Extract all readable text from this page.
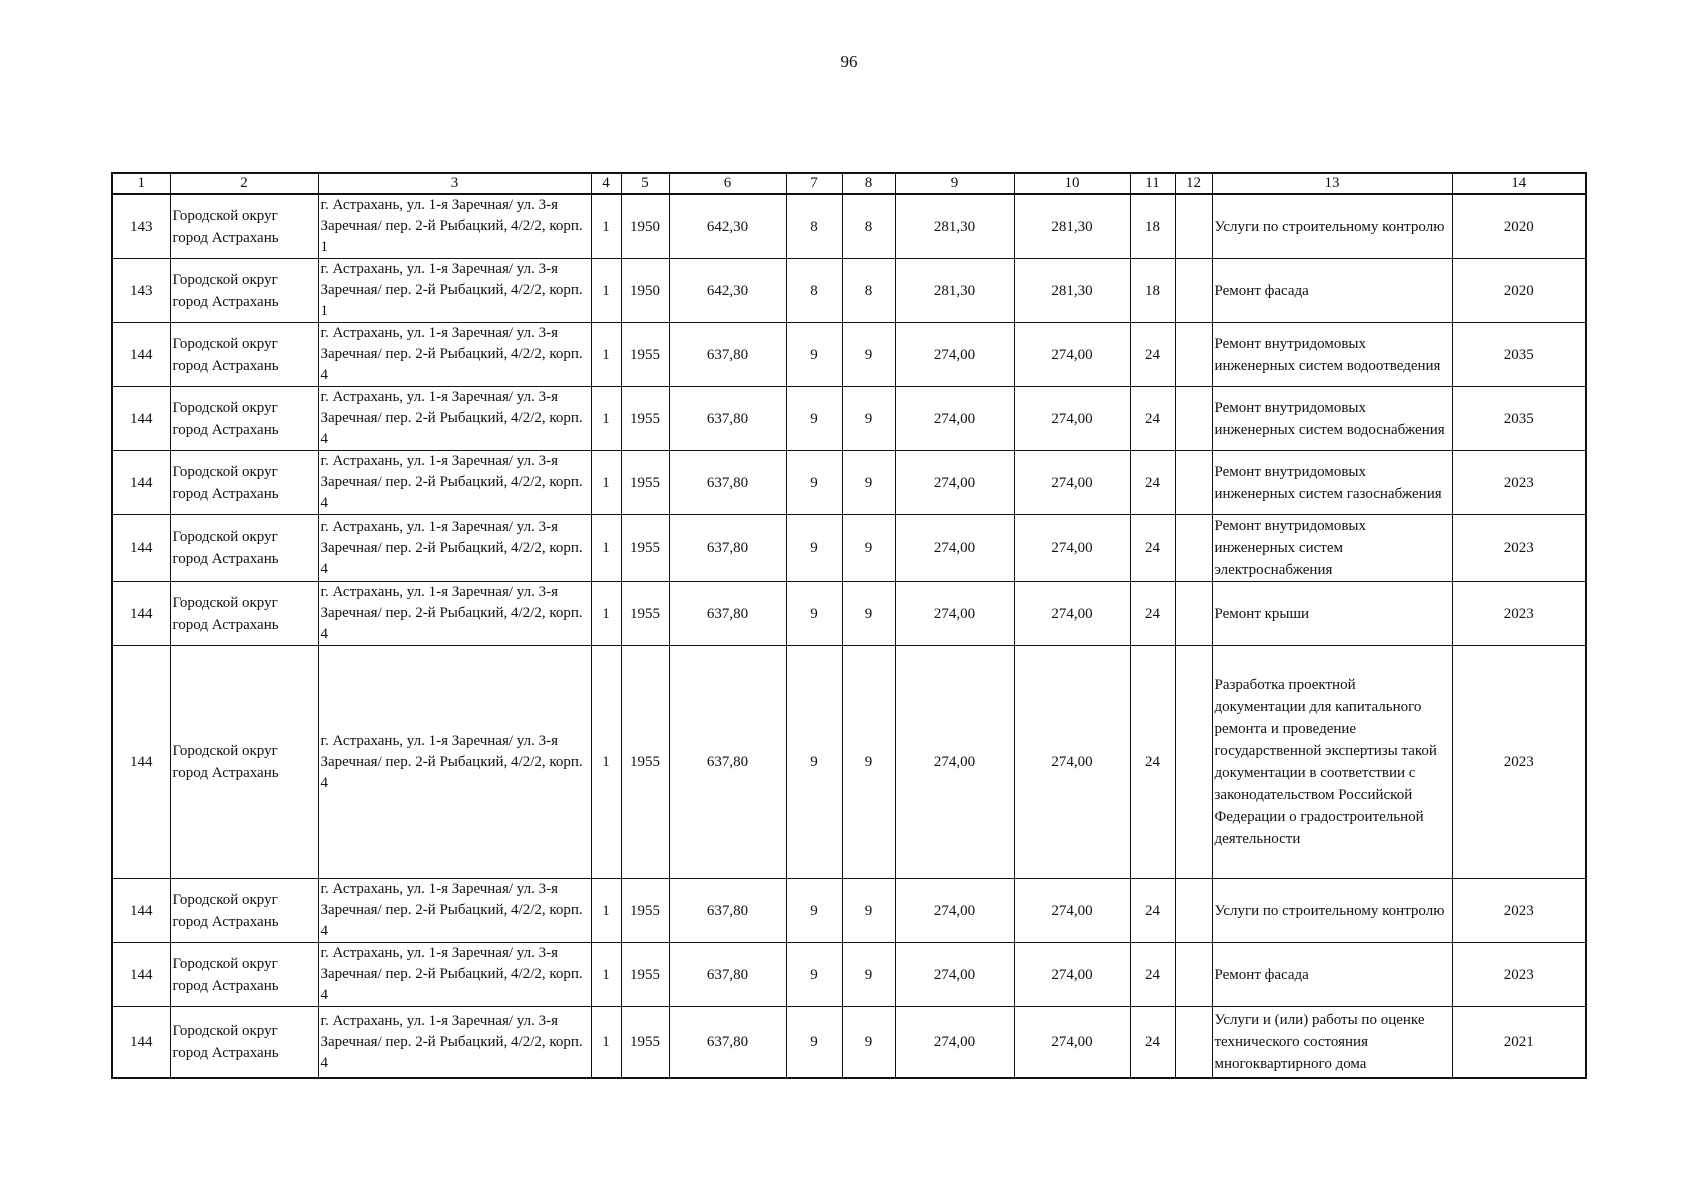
96
1	2	3	4	5	6	7	8	9	10	11	12	13	14
143	Городской округ город Астрахань	г. Астрахань, ул. 1-я Заречная/ ул. 3-я Заречная/ пер. 2-й Рыбацкий, 4/2/2, корп. 1	1	1950	642,30	8	8	281,30	281,30	18		Услуги по строительному контролю	2020
143	Городской округ город Астрахань	г. Астрахань, ул. 1-я Заречная/ ул. 3-я Заречная/ пер. 2-й Рыбацкий, 4/2/2, корп. 1	1	1950	642,30	8	8	281,30	281,30	18		Ремонт фасада	2020
144	Городской округ город Астрахань	г. Астрахань, ул. 1-я Заречная/ ул. 3-я Заречная/ пер. 2-й Рыбацкий, 4/2/2, корп. 4	1	1955	637,80	9	9	274,00	274,00	24		Ремонт внутридомовых инженерных систем водоотведения	2035
144	Городской округ город Астрахань	г. Астрахань, ул. 1-я Заречная/ ул. 3-я Заречная/ пер. 2-й Рыбацкий, 4/2/2, корп. 4	1	1955	637,80	9	9	274,00	274,00	24		Ремонт внутридомовых инженерных систем водоснабжения	2035
144	Городской округ город Астрахань	г. Астрахань, ул. 1-я Заречная/ ул. 3-я Заречная/ пер. 2-й Рыбацкий, 4/2/2, корп. 4	1	1955	637,80	9	9	274,00	274,00	24		Ремонт внутридомовых инженерных систем газоснабжения	2023
144	Городской округ город Астрахань	г. Астрахань, ул. 1-я Заречная/ ул. 3-я Заречная/ пер. 2-й Рыбацкий, 4/2/2, корп. 4	1	1955	637,80	9	9	274,00	274,00	24		Ремонт внутридомовых инженерных систем электроснабжения	2023
144	Городской округ город Астрахань	г. Астрахань, ул. 1-я Заречная/ ул. 3-я Заречная/ пер. 2-й Рыбацкий, 4/2/2, корп. 4	1	1955	637,80	9	9	274,00	274,00	24		Ремонт крыши	2023
144	Городской округ город Астрахань	г. Астрахань, ул. 1-я Заречная/ ул. 3-я Заречная/ пер. 2-й Рыбацкий, 4/2/2, корп. 4	1	1955	637,80	9	9	274,00	274,00	24		Разработка проектной документации для капитального ремонта и проведение государственной экспертизы такой документации в соответствии с законодательством Российской Федерации о градостроительной деятельности	2023
144	Городской округ город Астрахань	г. Астрахань, ул. 1-я Заречная/ ул. 3-я Заречная/ пер. 2-й Рыбацкий, 4/2/2, корп. 4	1	1955	637,80	9	9	274,00	274,00	24		Услуги по строительному контролю	2023
144	Городской округ город Астрахань	г. Астрахань, ул. 1-я Заречная/ ул. 3-я Заречная/ пер. 2-й Рыбацкий, 4/2/2, корп. 4	1	1955	637,80	9	9	274,00	274,00	24		Ремонт фасада	2023
144	Городской округ город Астрахань	г. Астрахань, ул. 1-я Заречная/ ул. 3-я Заречная/ пер. 2-й Рыбацкий, 4/2/2, корп. 4	1	1955	637,80	9	9	274,00	274,00	24		Услуги и (или) работы по оценке технического состояния многоквартирного дома	2021
